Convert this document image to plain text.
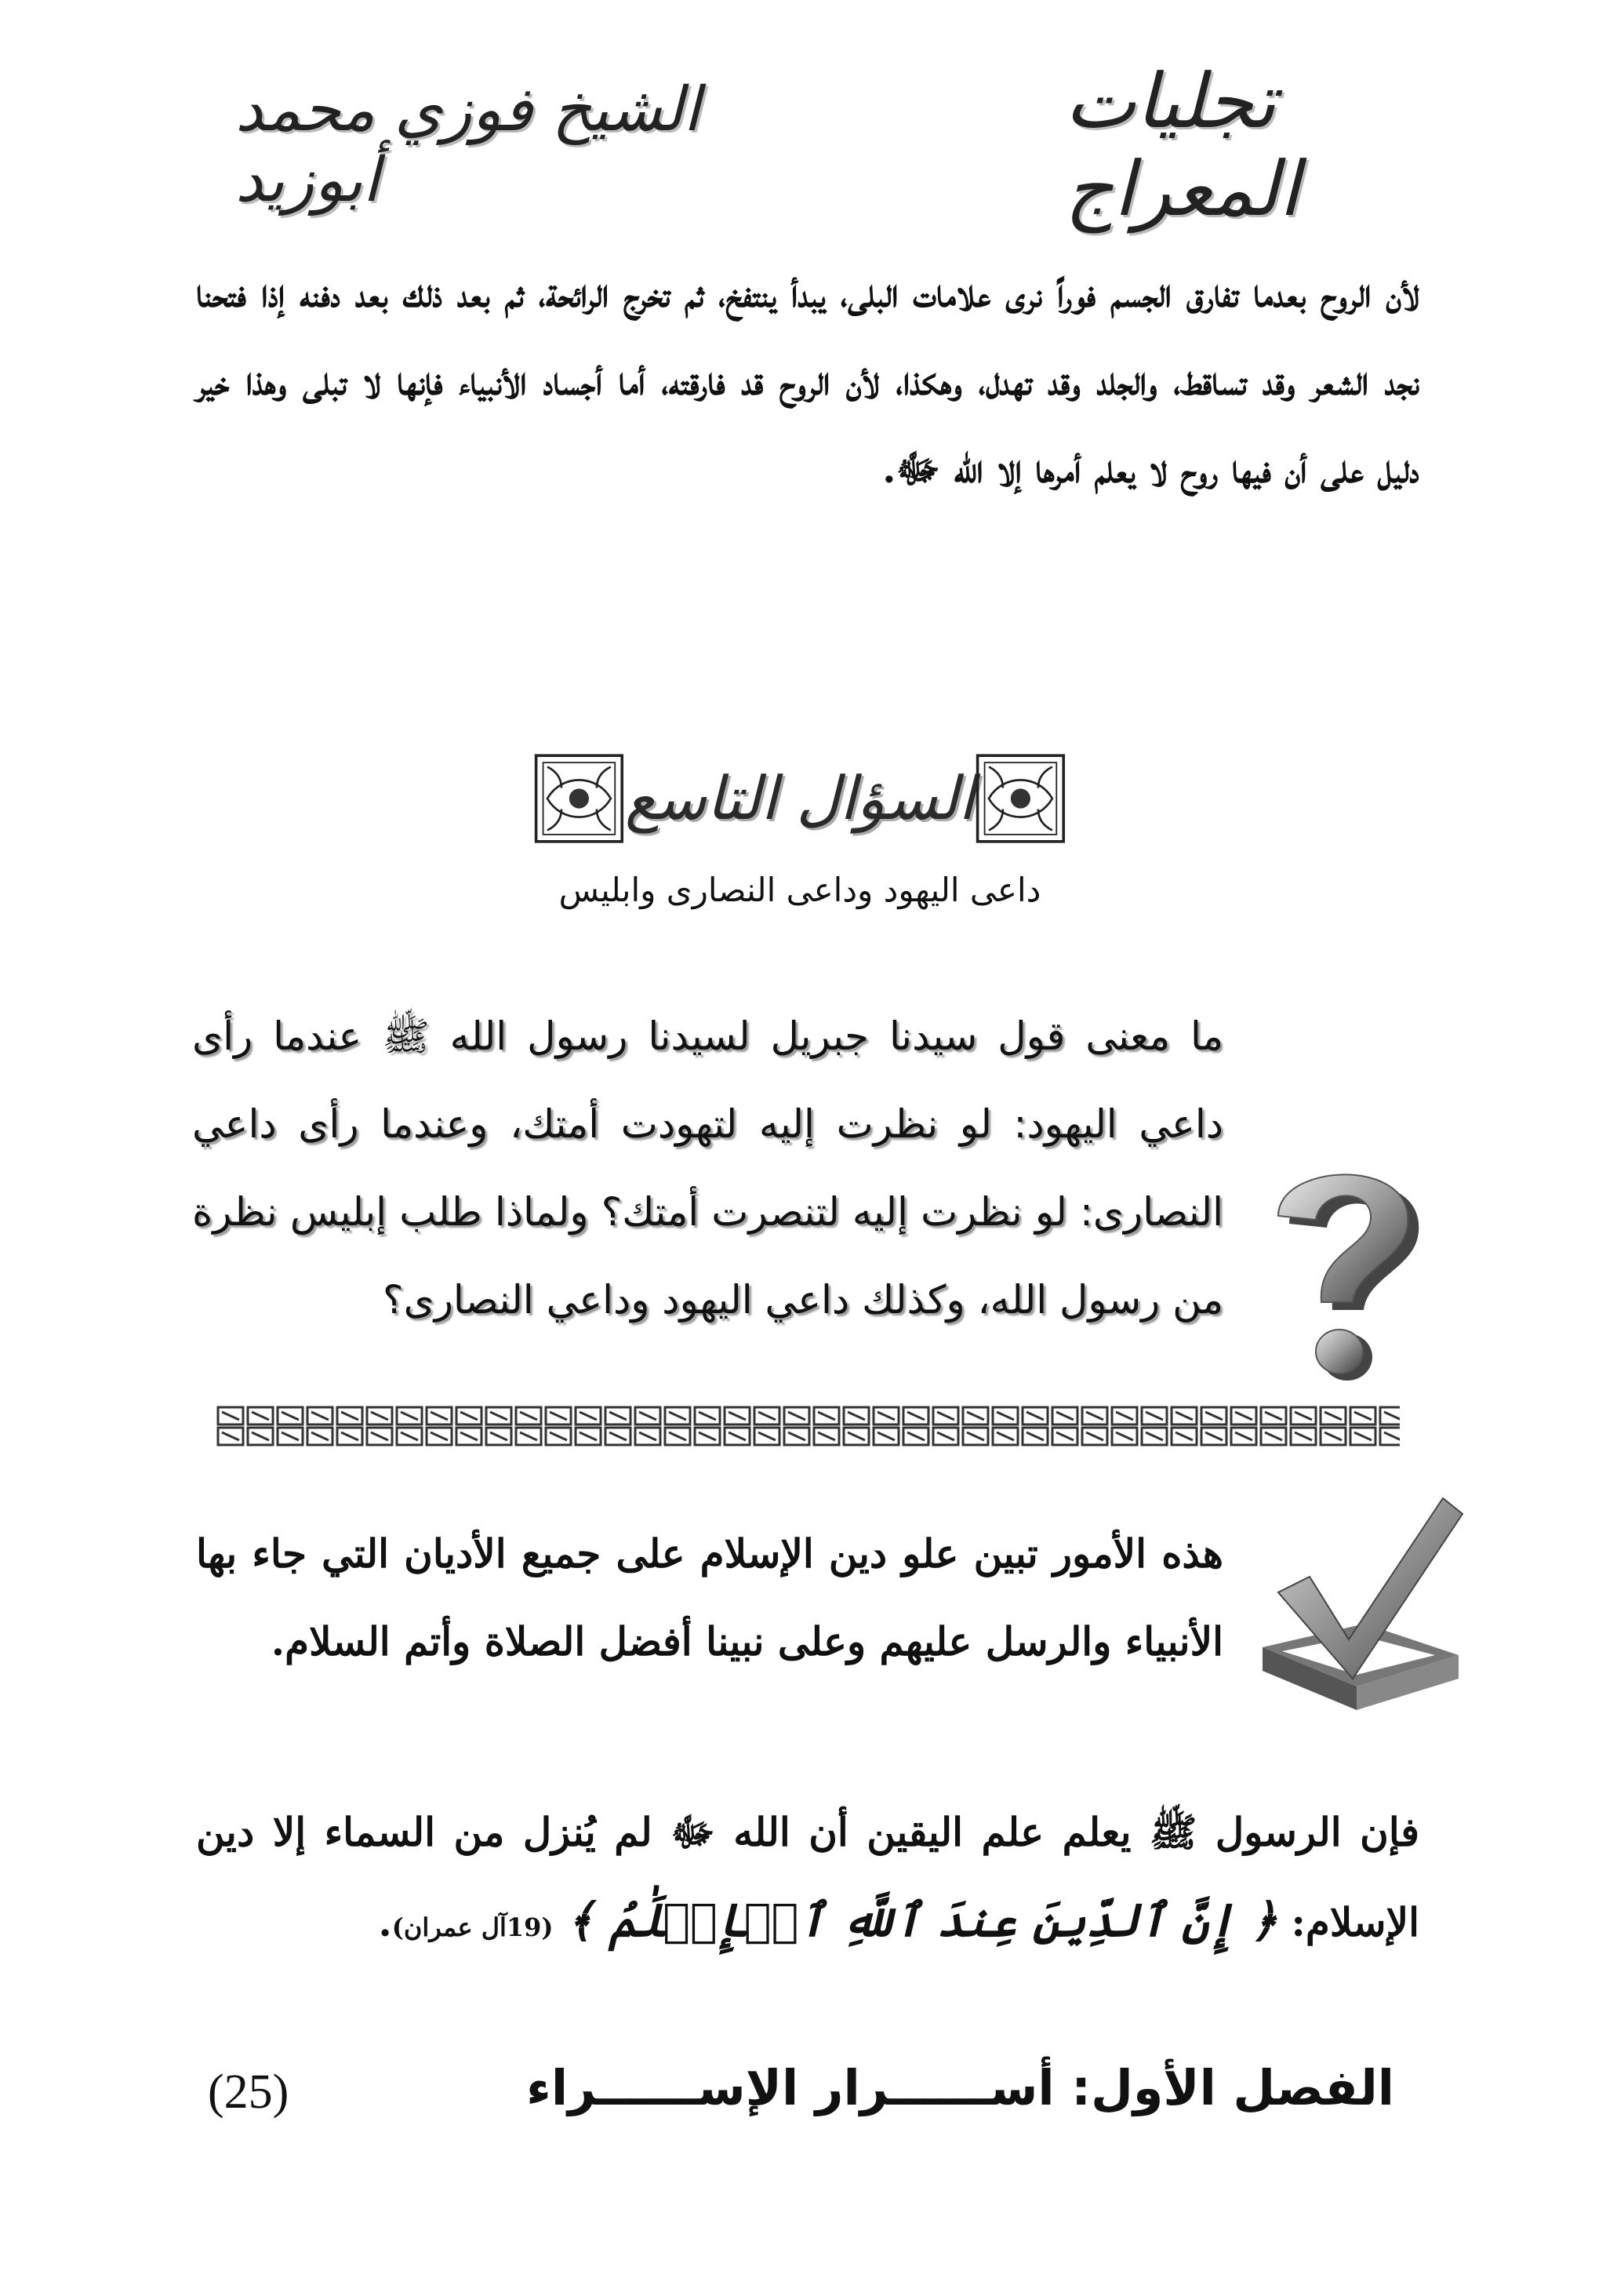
تجليات المعراج
الشيخ فوزي محمد أبوزيد
لأن الروح بعدما تفارق الجسم فوراً نرى علامات البلى، يبدأ ينتفخ، ثم تخرج الرائحة، ثم بعد ذلك بعد دفنه إذا فتحنا نجد الشعر وقد تساقط، والجلد وقد تهدل، وهكذا، لأن الروح قد فارقته، أما أجساد الأنبياء فإنها لا تبلى وهذا خير دليل على أن فيها روح لا يعلم أمرها إلا الله ﷻ.
السؤال التاسع
داعى اليهود وداعى النصارى وابليس
ما معنى قول سيدنا جبريل لسيدنا رسول الله ﷺ عندما رأى داعي اليهود: لو نظرت إليه لتهودت أمتك، وعندما رأى داعي النصارى: لو نظرت إليه لتنصرت أمتك؟ ولماذا طلب إبليس نظرة من رسول الله، وكذلك داعي اليهود وداعي النصارى؟
هذه الأمور تبين علو دين الإسلام على جميع الأديان التي جاء بها الأنبياء والرسل عليهم وعلى نبينا أفضل الصلاة وأتم السلام.
فإن الرسول ﷺ يعلم علم اليقين أن الله ﷻ لم يُنزل من السماء إلا دين الإسلام: ﴿ إِنَّ ٱلدِّينَ عِندَ ٱللَّهِ ٱلۡإِسۡلَٰمُ ﴾ (19آل عمران).
الفصل الأول: أســــــرار الإســــــراء
(25)
